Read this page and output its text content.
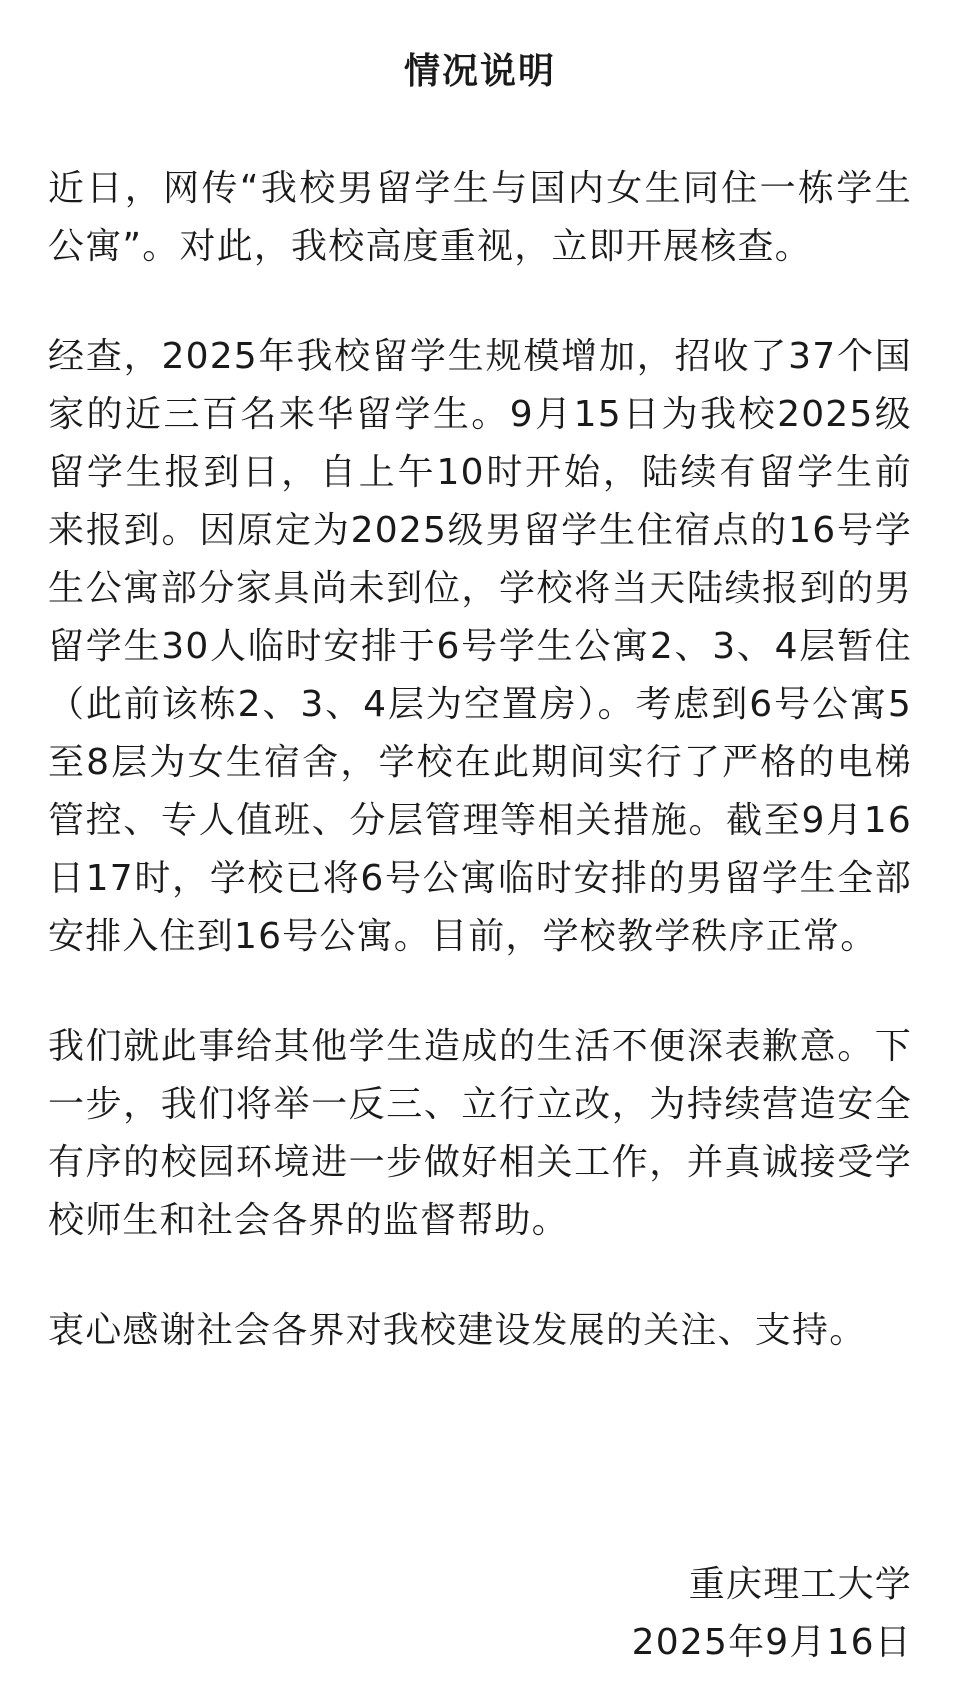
情况说明

近日，网传“我校男留学生与国内女生同住一栋学生公寓”。对此，我校高度重视，立即开展核查。

经查，2025年我校留学生规模增加，招收了37个国家的近三百名来华留学生。9月15日为我校2025级留学生报到日，自上午10时开始，陆续有留学生前来报到。因原定为2025级男留学生住宿点的16号学生公寓部分家具尚未到位，学校将当天陆续报到的男留学生30人临时安排于6号学生公寓2、3、4层暂住（此前该栋2、3、4层为空置房）。考虑到6号公寓5至8层为女生宿舍，学校在此期间实行了严格的电梯管控、专人值班、分层管理等相关措施。截至9月16日17时，学校已将6号公寓临时安排的男留学生全部安排入住到16号公寓。目前，学校教学秩序正常。

我们就此事给其他学生造成的生活不便深表歉意。下一步，我们将举一反三、立行立改，为持续营造安全有序的校园环境进一步做好相关工作，并真诚接受学校师生和社会各界的监督帮助。

衷心感谢社会各界对我校建设发展的关注、支持。

重庆理工大学
2025年9月16日
